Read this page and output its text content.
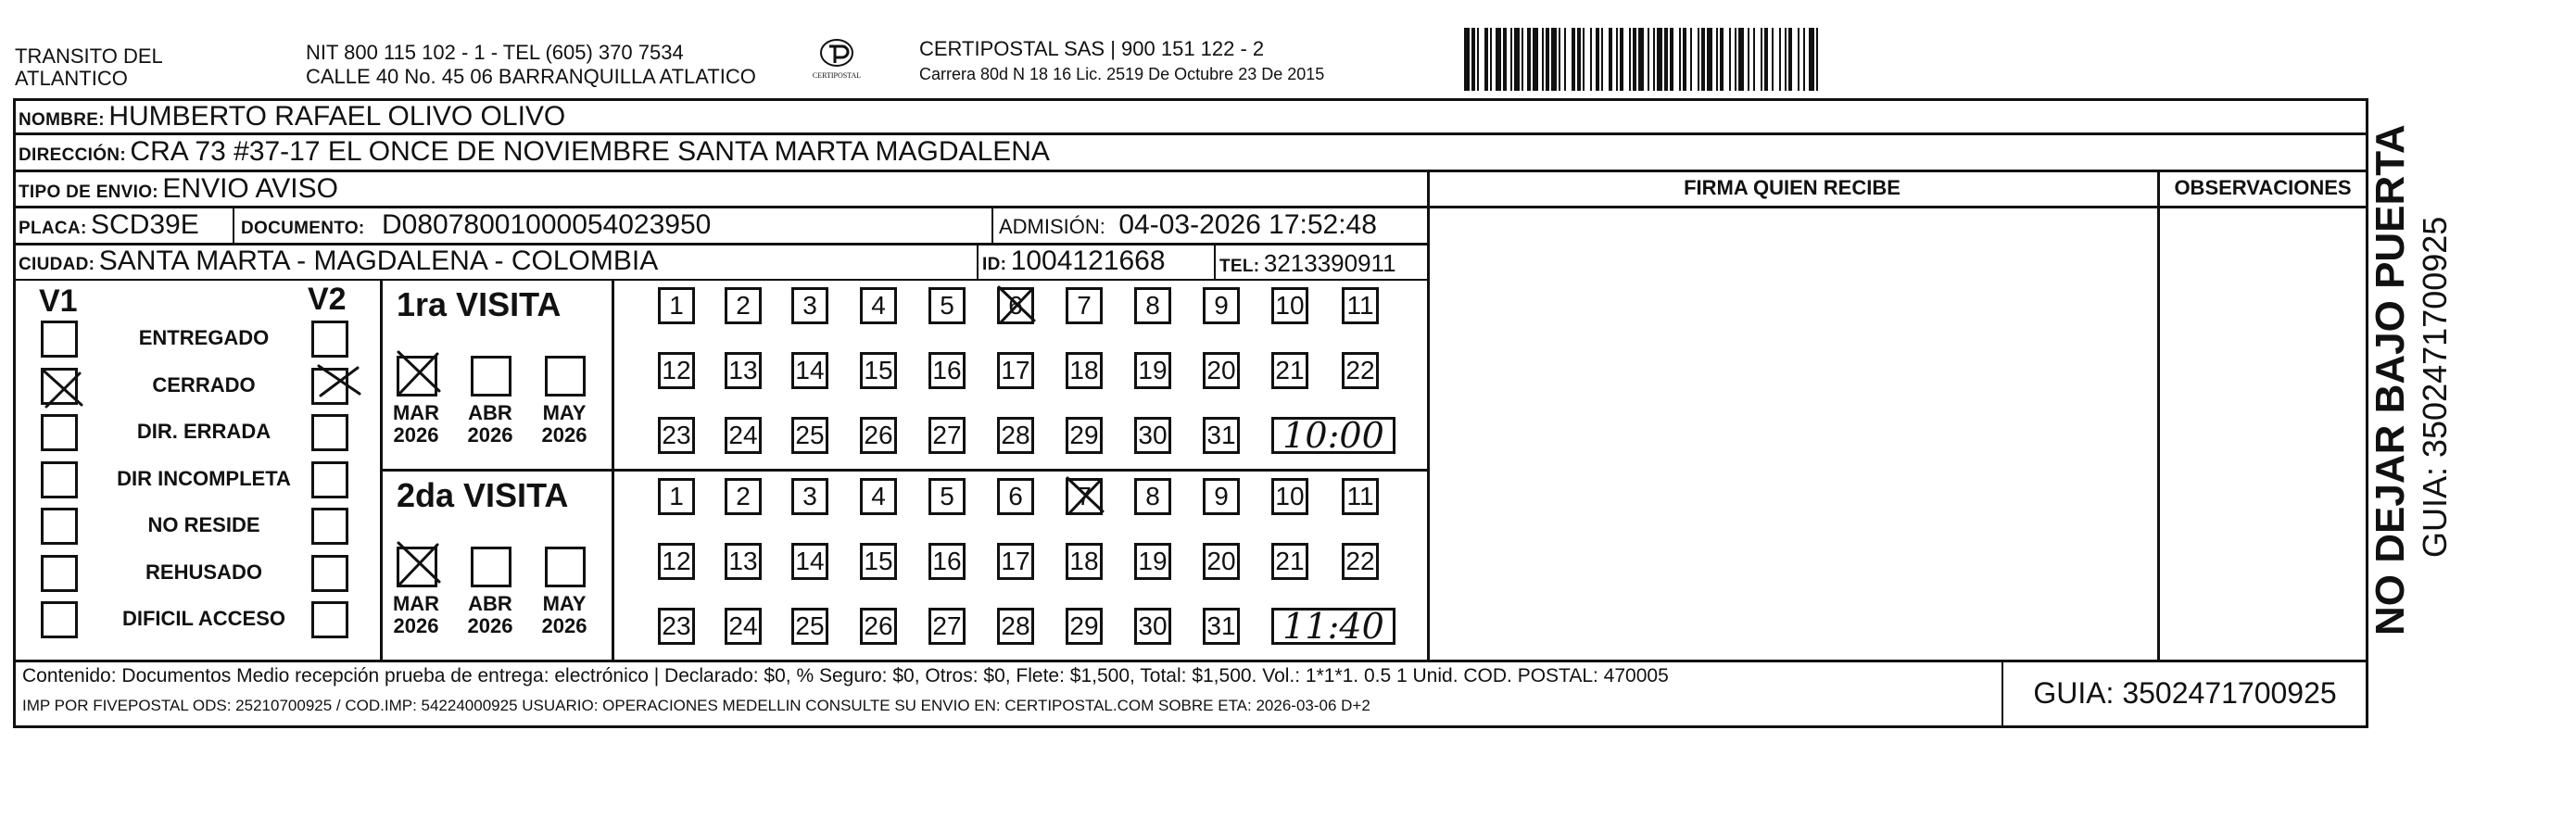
TRANSITO DEL
ATLANTICO
NIT 800 115 102 - 1 - TEL (605) 370 7534
CALLE 40 No. 45 06 BARRANQUILLA ATLATICO	CERTIPOSTAL
CERTIPOSTAL SAS | 900 151 122 - 2
Carrera 80d N 18 16 Lic. 2519 De Octubre 23 De 2015
NOMBRE: HUMBERTO RAFAEL OLIVO OLIVO
DIRECCIÓN: CRA 73 #37-17 EL ONCE DE NOVIEMBRE SANTA MARTA MAGDALENA
TIPO DE ENVIO: ENVIO AVISO	FIRMA QUIEN RECIBE	OBSERVACIONES
PLACA: SCD39E DOCUMENTO: D08078001000054023950	ADMISIÓN: 04-03-2026 17:52:48
CIUDAD: SANTA MARTA - MAGDALENA - COLOMBIA	ID: 1004121668	TEL: 3213390911
V1	V2
ENTREGADO
CERRADO
DIR. ERRADA
DIR INCOMPLETA
NO RESIDE
REHUSADO
DIFICIL ACCESO
1ra VISITA
MAR
2026
ABR
2026
MAY
2026
1	2	3	4	5	6	7	8	9	10 11
12 13 14 15 16 17 18 19 20 21 22
23 24 25 26 27 28 29 30 31	10:00
2da VISITA
MAR
2026
ABR
2026
MAY
2026
1	2	3	4	5	6	7	8	9	10 11
12 13 14 15 16 17 18 19 20 21 22
23 24 25 26 27 28 29 30 31	11:40
Contenido: Documentos Medio recepción prueba de entrega: electrónico | Declarado: $0, % Seguro: $0, Otros: $0, Flete: $1,500, Total: $1,500. Vol.: 1*1*1. 0.5 1 Unid. COD. POSTAL: 470005
IMP POR FIVEPOSTAL ODS: 25210700925 / COD.IMP: 54224000925 USUARIO: OPERACIONES MEDELLIN CONSULTE SU ENVIO EN: CERTIPOSTAL.COM SOBRE ETA: 2026-03-06 D+2	GUIA: 3502471700925
NO DEJAR BAJO PUERTA GUIA: 3502471700925
